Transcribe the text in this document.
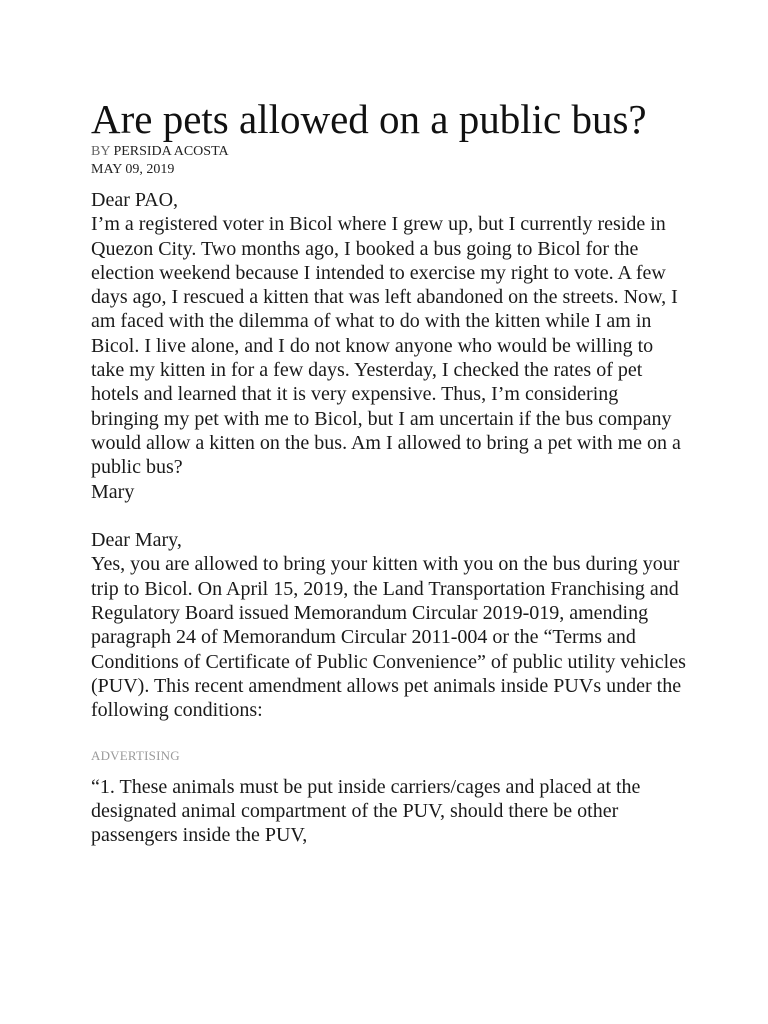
Are pets allowed on a public bus?
BY PERSIDA ACOSTA
MAY 09, 2019
Dear PAO,

I’m a registered voter in Bicol where I grew up, but I currently reside in Quezon City. Two months ago, I booked a bus going to Bicol for the election weekend because I intended to exercise my right to vote. A few days ago, I rescued a kitten that was left abandoned on the streets. Now, I am faced with the dilemma of what to do with the kitten while I am in Bicol. I live alone, and I do not know anyone who would be willing to take my kitten in for a few days. Yesterday, I checked the rates of pet hotels and learned that it is very expensive. Thus, I’m considering bringing my pet with me to Bicol, but I am uncertain if the bus company would allow a kitten on the bus. Am I allowed to bring a pet with me on a public bus?

Mary
Dear Mary,

Yes, you are allowed to bring your kitten with you on the bus during your trip to Bicol. On April 15, 2019, the Land Transportation Franchising and Regulatory Board issued Memorandum Circular 2019-019, amending paragraph 24 of Memorandum Circular 2011-004 or the “Terms and Conditions of Certificate of Public Convenience” of public utility vehicles (PUV). This recent amendment allows pet animals inside PUVs under the following conditions:

ADVERTISING

“1. These animals must be put inside carriers/cages and placed at the designated animal compartment of the PUV, should there be other passengers inside the PUV,
